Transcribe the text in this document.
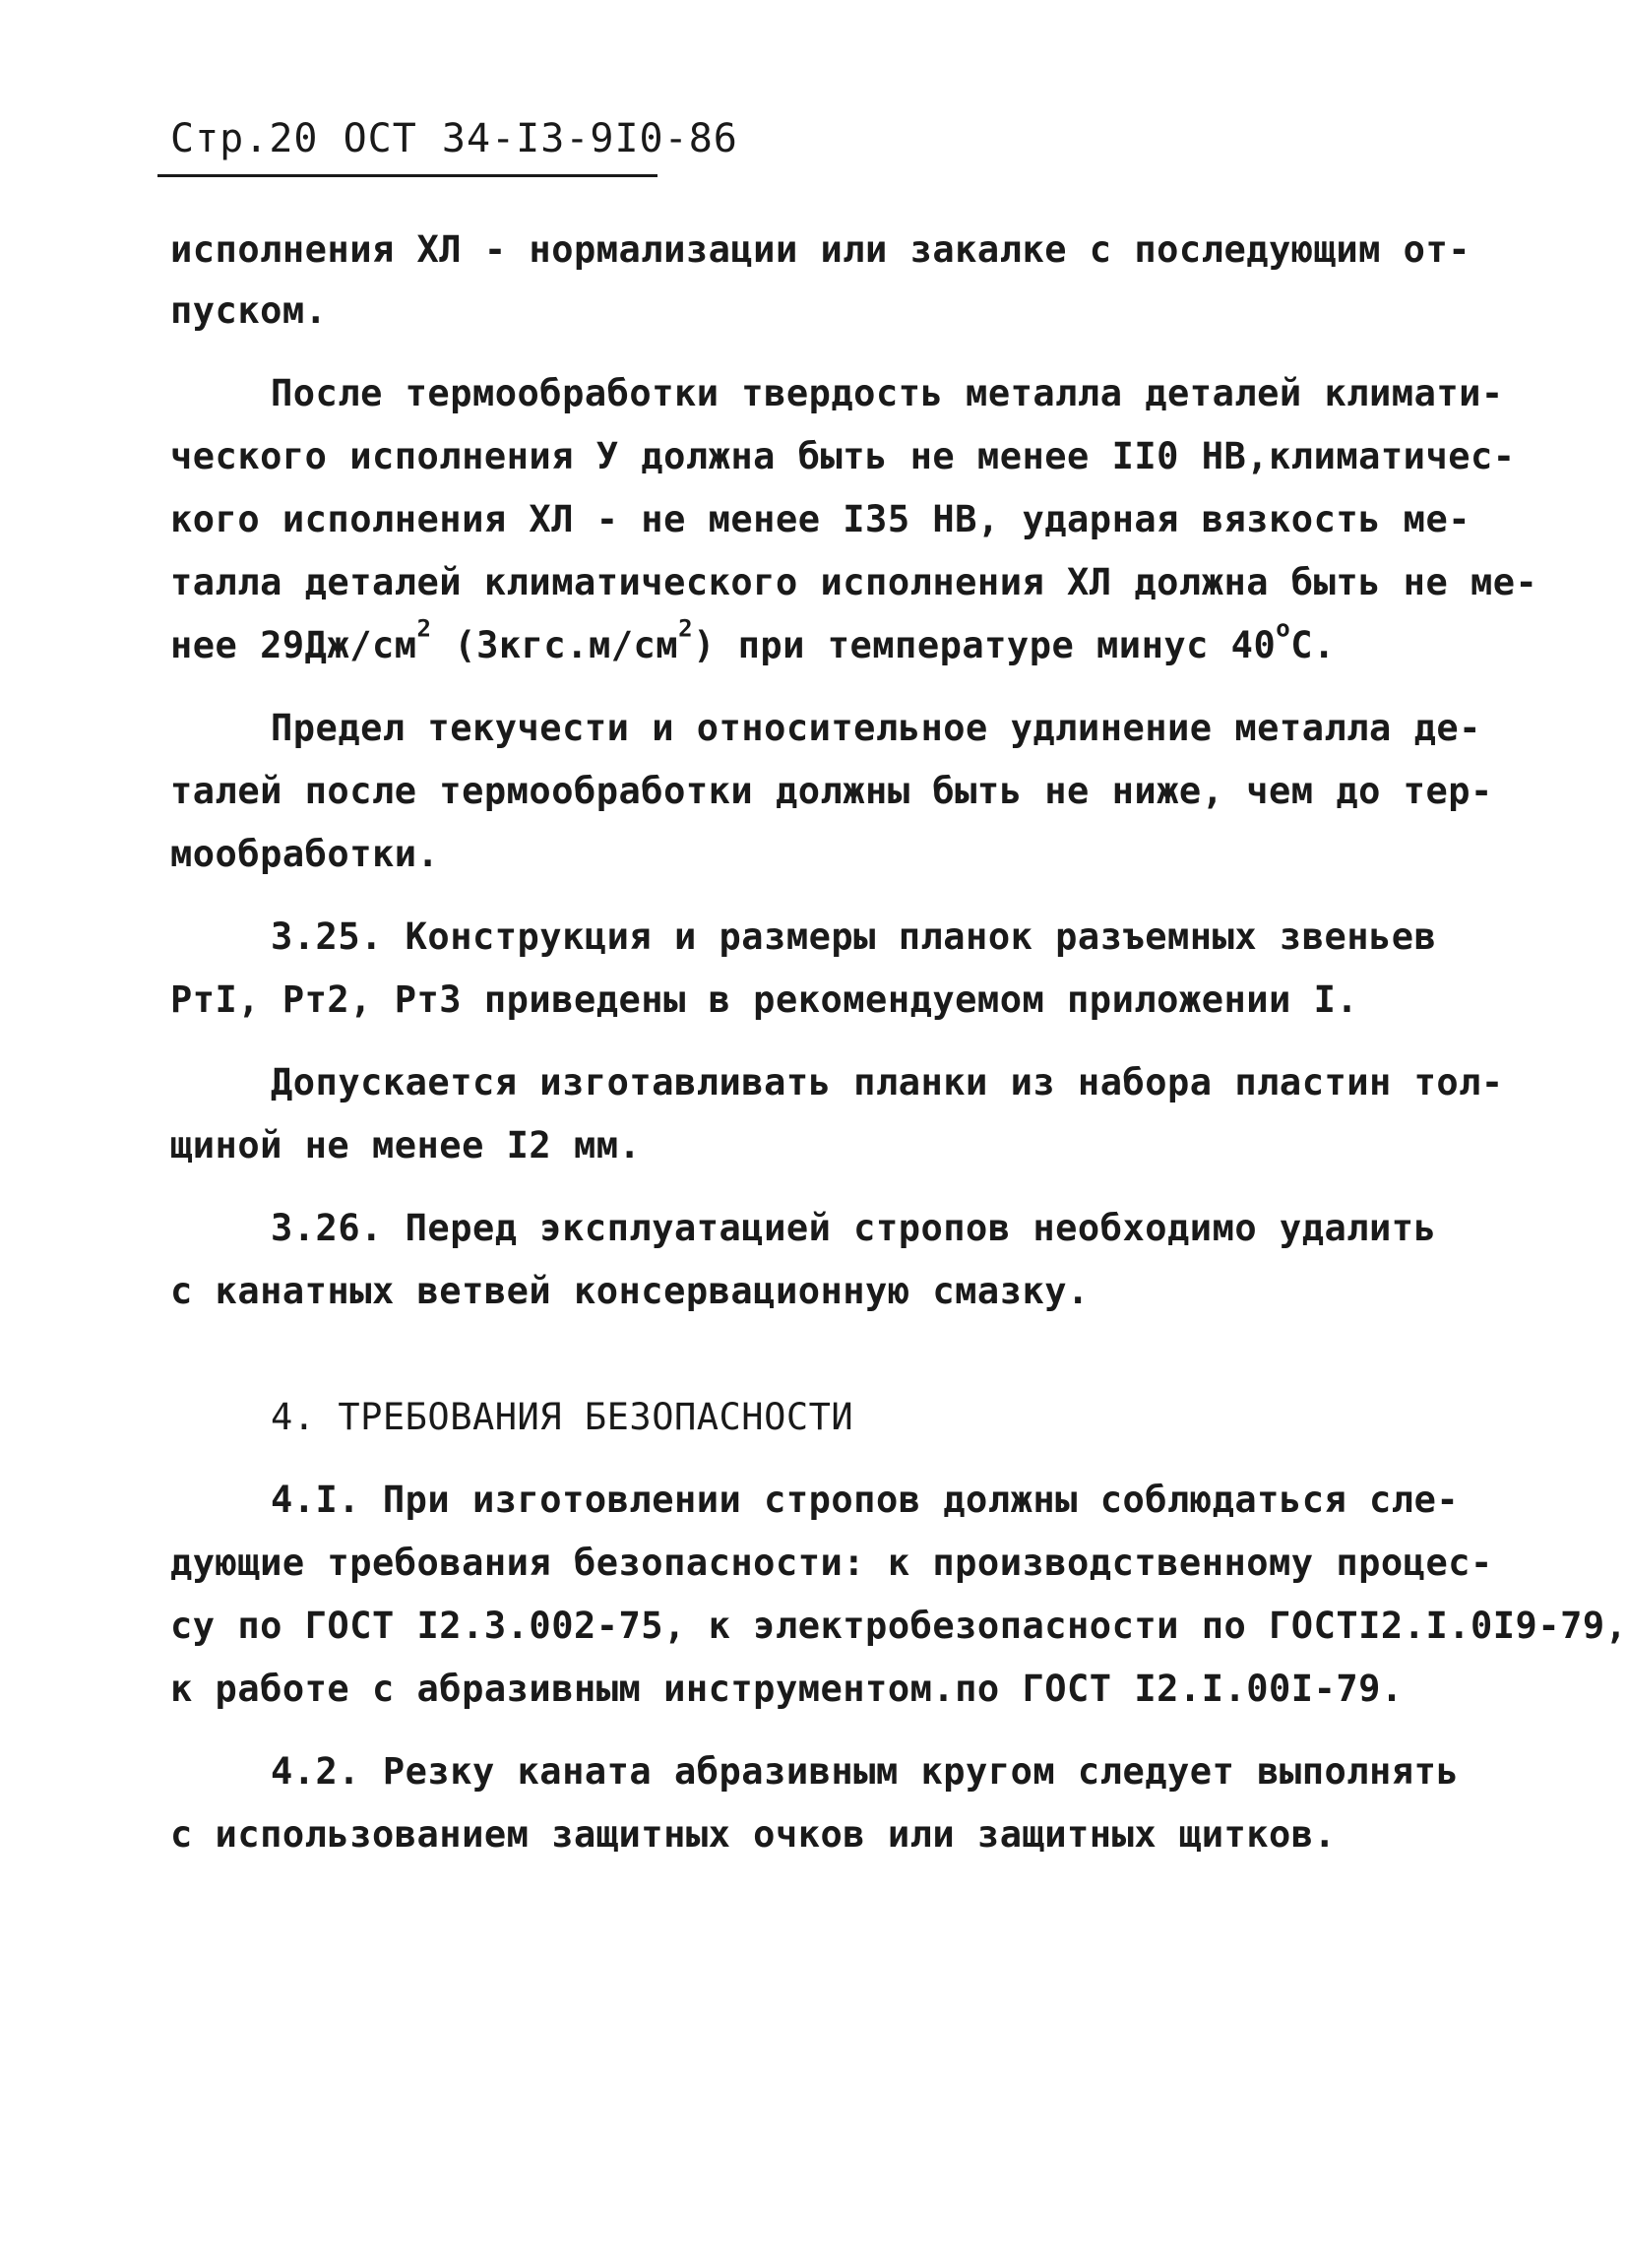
Стр.20 ОСТ 34-I3-9I0-86
исполнения ХЛ - нормализации или закалке с последующим от-
пуском.
После термообработки твердость металла деталей климати-
ческого исполнения У должна быть не менее II0 НВ,климатичес-
кого исполнения ХЛ - не менее I35 НВ, ударная вязкость ме-
талла деталей климатического исполнения ХЛ должна быть не ме-
нее $29Дж/см^2$ $(3кгс.м/см^2)$ при температуре минус $40^оС$.
Предел текучести и относительное удлинение металла де-
талей после термообработки должны быть не ниже, чем до тер-
мообработки.
3.25. Конструкция и размеры планок разъемных звеньев
РтI, Рт2, Рт3 приведены в рекомендуемом приложении I.
Допускается изготавливать планки из набора пластин тол-
щиной не менее I2 мм.
3.26. Перед эксплуатацией стропов необходимо удалить
с канатных ветвей консервационную смазку.
4. ТРЕБОВАНИЯ БЕЗОПАСНОСТИ
4.I. При изготовлении стропов должны соблюдаться сле-
дующие требования безопасности: к производственному процес-
су по ГОСТ I2.3.002-75, к электробезопасности по ГОСТI2.I.0I9-79,
к работе с абразивным инструментом.по ГОСТ I2.I.00I-79.
4.2. Резку каната абразивным кругом следует выполнять
с использованием защитных очков или защитных щитков.
